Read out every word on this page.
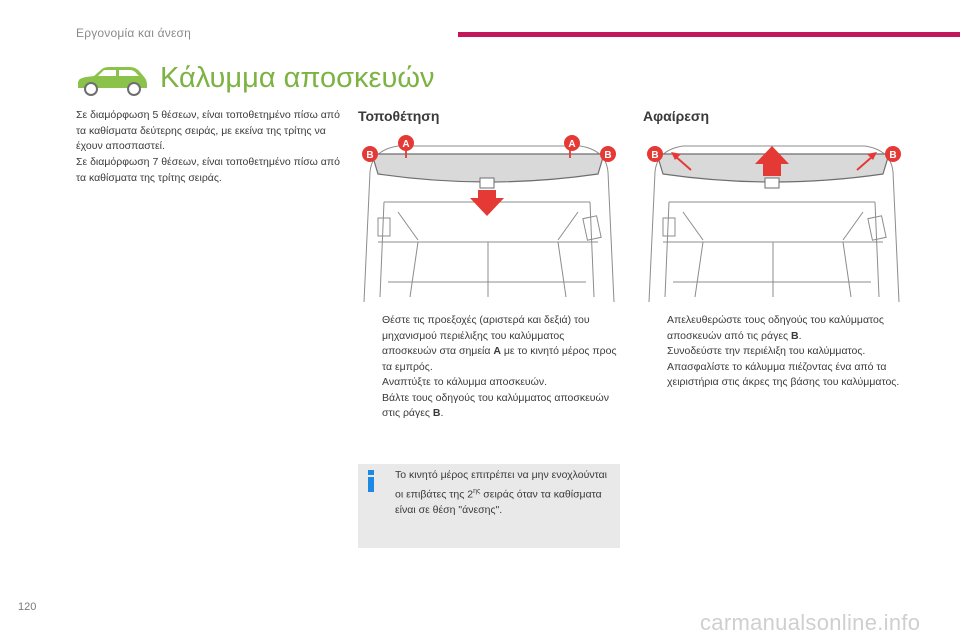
Εργονομία και άνεση
Κάλυμμα αποσκευών
Σε διαμόρφωση 5 θέσεων, είναι τοποθετημένο πίσω από τα καθίσματα δεύτερης σειράς, με εκείνα της τρίτης να έχουν αποσπαστεί.
Σε διαμόρφωση 7 θέσεων, είναι τοποθετημένο πίσω από τα καθίσματα της τρίτης σειράς.
Τοποθέτηση	Αφαίρεση
B
A	A
B	B	B

Θέστε τις προεξοχές (αριστερά και δεξιά) του μηχανισμού περιέλιξης του καλύμματος αποσκευών στα σημεία A με το κινητό μέρος προς τα εμπρός.

Αναπτύξτε το κάλυμμα αποσκευών.

Βάλτε τους οδηγούς του καλύμματος αποσκευών στις ράγες B.

Απελευθερώστε τους οδηγούς του καλύμματος αποσκευών από τις ράγες B.

Συνοδεύστε την περιέλιξη του καλύμματος.

Απασφαλίστε το κάλυμμα πιέζοντας ένα από τα χειριστήρια στις άκρες της βάσης του καλύμματος.

Το κινητό μέρος επιτρέπει να μην ενοχλούνται οι επιβάτες της $2^{\eta\varsigma}$ σειράς όταν τα καθίσματα είναι σε θέση "άνεσης".
120
carmanualsonline.info
